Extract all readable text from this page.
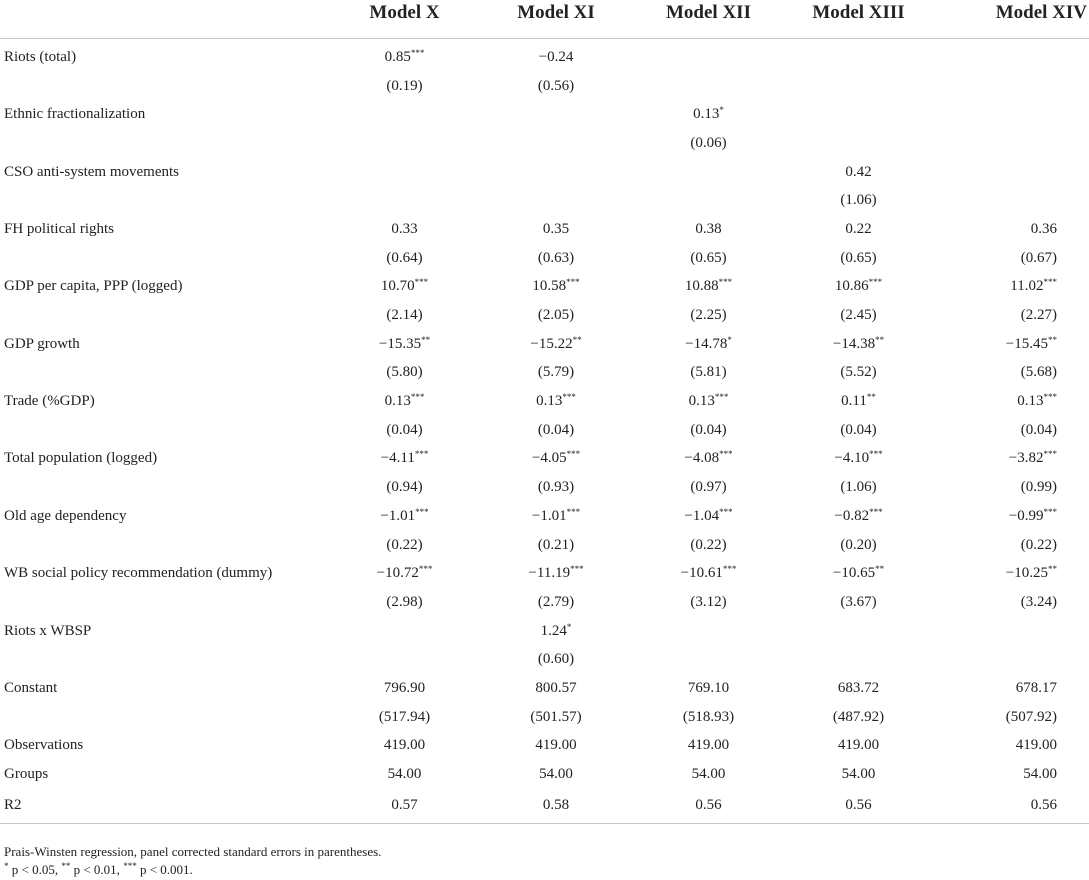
	Model X	Model XI	Model XII	Model XIII	Model XIV
Riots (total)	0.85***	−0.24			
	(0.19)	(0.56)			
Ethnic fractionalization			0.13*		
			(0.06)		
CSO anti-system movements				0.42	
				(1.06)	
FH political rights	0.33	0.35	0.38	0.22	0.36
	(0.64)	(0.63)	(0.65)	(0.65)	(0.67)
GDP per capita, PPP (logged)	10.70***	10.58***	10.88***	10.86***	11.02***
	(2.14)	(2.05)	(2.25)	(2.45)	(2.27)
GDP growth	−15.35**	−15.22**	−14.78*	−14.38**	−15.45**
	(5.80)	(5.79)	(5.81)	(5.52)	(5.68)
Trade (%GDP)	0.13***	0.13***	0.13***	0.11**	0.13***
	(0.04)	(0.04)	(0.04)	(0.04)	(0.04)
Total population (logged)	−4.11***	−4.05***	−4.08***	−4.10***	−3.82***
	(0.94)	(0.93)	(0.97)	(1.06)	(0.99)
Old age dependency	−1.01***	−1.01***	−1.04***	−0.82***	−0.99***
	(0.22)	(0.21)	(0.22)	(0.20)	(0.22)
WB social policy recommendation (dummy)	−10.72***	−11.19***	−10.61***	−10.65**	−10.25**
	(2.98)	(2.79)	(3.12)	(3.67)	(3.24)
Riots x WBSP		1.24*			
		(0.60)			
Constant	796.90	800.57	769.10	683.72	678.17
	(517.94)	(501.57)	(518.93)	(487.92)	(507.92)
Observations	419.00	419.00	419.00	419.00	419.00
Groups	54.00	54.00	54.00	54.00	54.00
R2	0.57	0.58	0.56	0.56	0.56

Prais-Winsten regression, panel corrected standard errors in parentheses.

* p < 0.05, ** p < 0.01, *** p < 0.001.
